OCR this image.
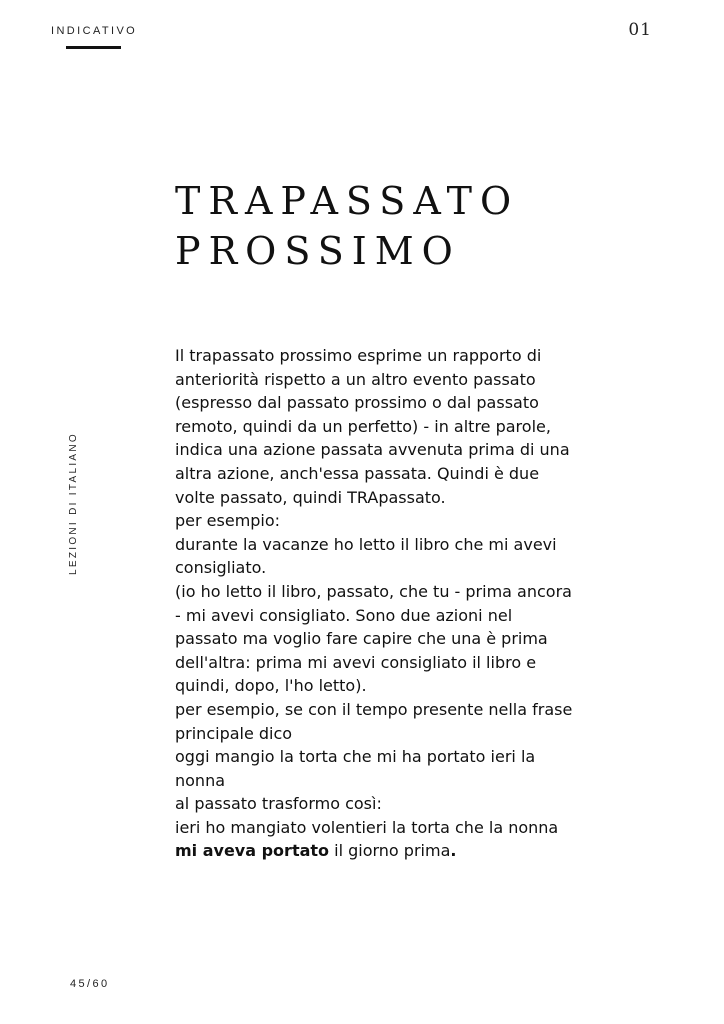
INDICATIVO	01
LEZIONI DI ITALIANO
TRAPASSATO
PROSSIMO
Il trapassato prossimo esprime un rapporto di
anteriorità rispetto a un altro evento passato
(espresso dal passato prossimo o dal passato
remoto, quindi da un perfetto) - in altre parole,
indica una azione passata avvenuta prima di una
altra azione, anch'essa passata. Quindi è due
volte passato, quindi TRApassato.
per esempio:
durante la vacanze ho letto il libro che mi avevi
consigliato.
(io ho letto il libro, passato, che tu - prima ancora
- mi avevi consigliato. Sono due azioni nel
passato ma voglio fare capire che una è prima
dell'altra: prima mi avevi consigliato il libro e
quindi, dopo, l'ho letto).
per esempio, se con il tempo presente nella frase
principale dico
oggi mangio la torta che mi ha portato ieri la
nonna
al passato trasformo così:
ieri ho mangiato volentieri la torta che la nonna
mi aveva portato il giorno prima.
45/60
